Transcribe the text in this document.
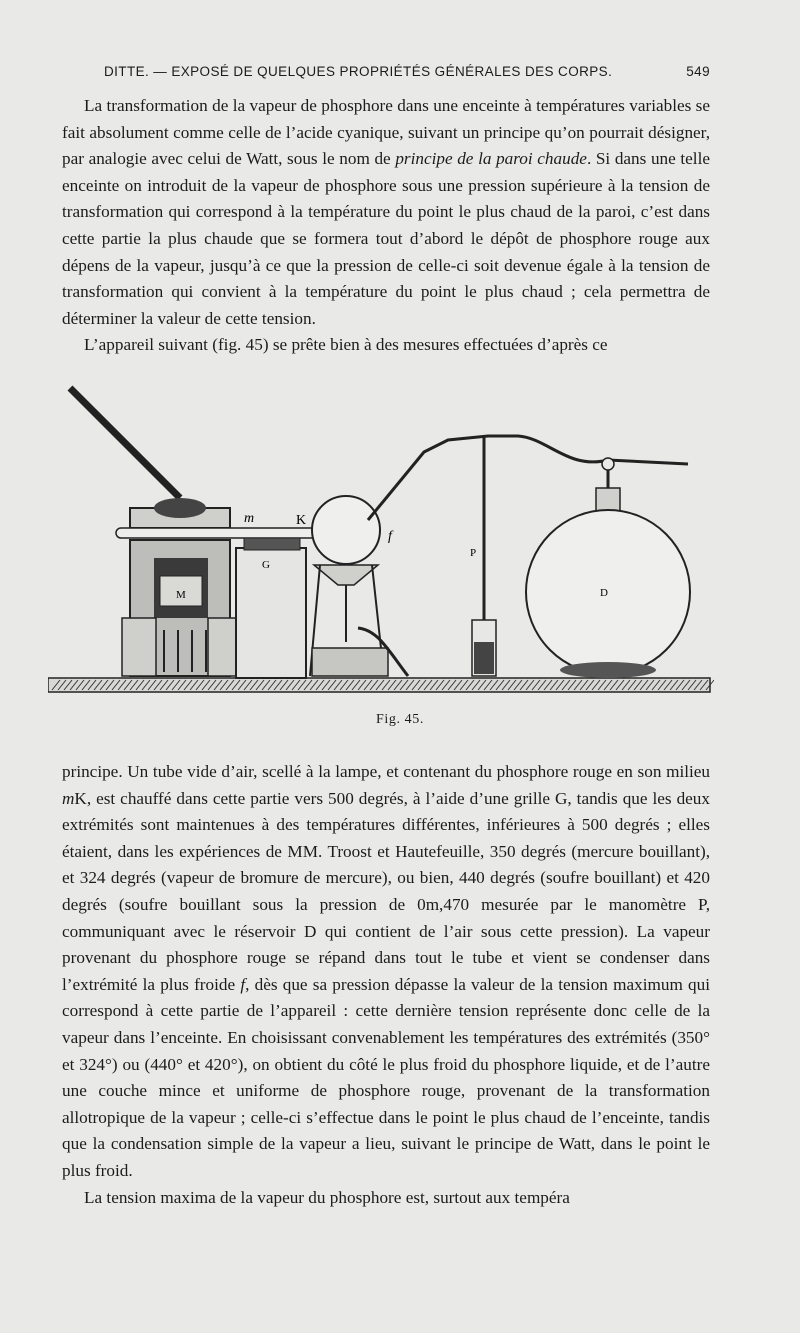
DITTE. — EXPOSÉ DE QUELQUES PROPRIÉTÉS GÉNÉRALES DES CORPS.	549

La transformation de la vapeur de phosphore dans une enceinte à températures variables se fait absolument comme celle de l’acide cyanique, suivant un principe qu’on pourrait désigner, par analogie avec celui de Watt, sous le nom de principe de la paroi chaude. Si dans une telle enceinte on introduit de la vapeur de phosphore sous une pression supérieure à la tension de transformation qui correspond à la température du point le plus chaud de la paroi, c’est dans cette partie la plus chaude que se formera tout d’abord le dépôt de phosphore rouge aux dépens de la vapeur, jusqu’à ce que la pression de celle-ci soit devenue égale à la tension de transformation qui convient à la température du point le plus chaud ; cela permettra de déterminer la valeur de cette tension.

L’appareil suivant (fig. 45) se prête bien à des mesures effectuées d’après ce

m	K
f
M
G
P
D
Fig. 45.

principe. Un tube vide d’air, scellé à la lampe, et contenant du phosphore rouge en son milieu mK, est chauffé dans cette partie vers 500 degrés, à l’aide d’une grille G, tandis que les deux extrémités sont maintenues à des températures différentes, inférieures à 500 degrés ; elles étaient, dans les expériences de MM. Troost et Hautefeuille, 350 degrés (mercure bouillant), et 324 degrés (vapeur de bromure de mercure), ou bien, 440 degrés (soufre bouillant) et 420 degrés (soufre bouillant sous la pression de 0m,470 mesurée par le manomètre P, communiquant avec le réservoir D qui contient de l’air sous cette pression). La vapeur provenant du phosphore rouge se répand dans tout le tube et vient se condenser dans l’extrémité la plus froide f, dès que sa pression dépasse la valeur de la tension maximum qui correspond à cette partie de l’appareil : cette dernière tension représente donc celle de la vapeur dans l’enceinte. En choisissant convenablement les températures des extrémités (350° et 324°) ou (440° et 420°), on obtient du côté le plus froid du phosphore liquide, et de l’autre une couche mince et uniforme de phosphore rouge, provenant de la transformation allotropique de la vapeur ; celle-ci s’effectue dans le point le plus chaud de l’enceinte, tandis que la condensation simple de la vapeur a lieu, suivant le principe de Watt, dans le point le plus froid.

La tension maxima de la vapeur du phosphore est, surtout aux tempéra
